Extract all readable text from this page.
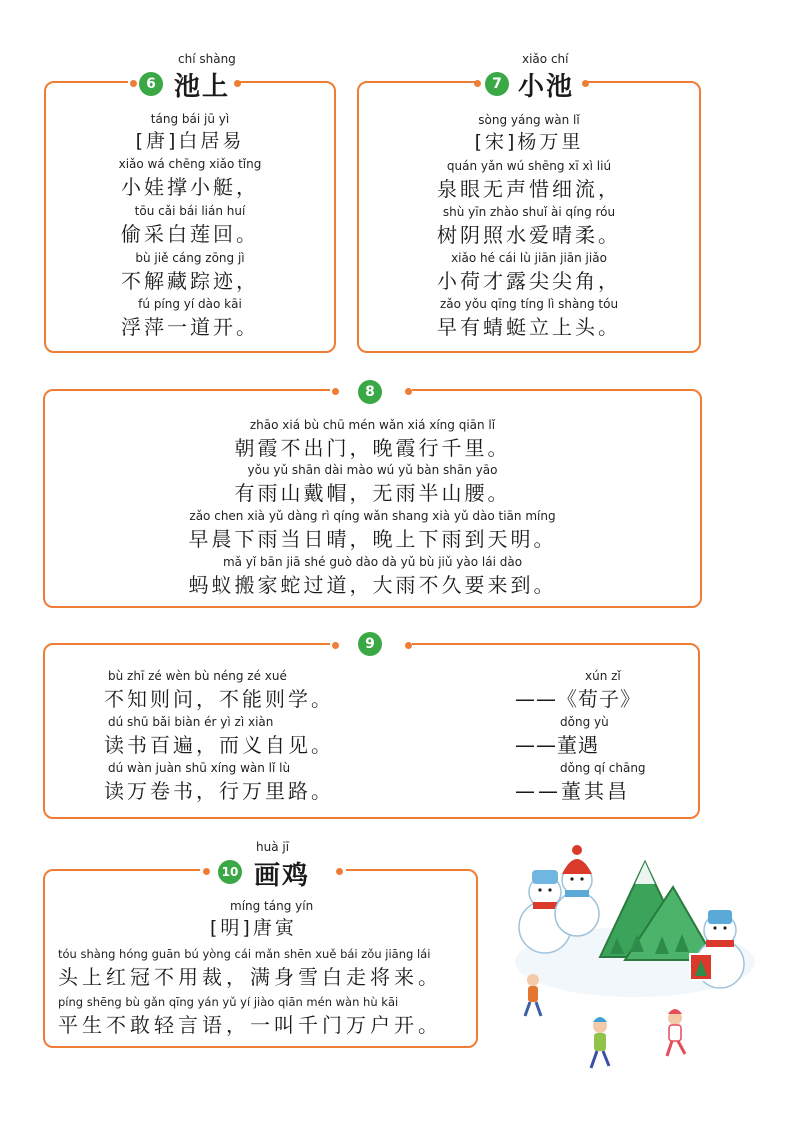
6
chí shàng
池上
táng bái jū yì
[唐]白居易
xiǎo wá chēng xiǎo tǐng
小娃撑小艇，
tōu cǎi bái lián huí
偷采白莲回。
bù jiě cáng zōng jì
不解藏踪迹，
fú píng yí dào kāi
浮萍一道开。
7
xiǎo chí
小池
sòng yáng wàn lǐ
[宋]杨万里
quán yǎn wú shēng xī xì liú
泉眼无声惜细流，
shù yīn zhào shuǐ ài qíng róu
树阴照水爱晴柔。
xiǎo hé cái lù jiān jiān jiǎo
小荷才露尖尖角，
zǎo yǒu qīng tíng lì shàng tóu
早有蜻蜓立上头。
8
zhāo xiá bù chū mén wǎn xiá xíng qiān lǐ
朝霞不出门，晚霞行千里。
yǒu yǔ shān dài mào wú yǔ bàn shān yāo
有雨山戴帽，无雨半山腰。
zǎo chen xià yǔ dàng rì qíng wǎn shang xià yǔ dào tiān míng
早晨下雨当日晴，晚上下雨到天明。
mǎ yǐ bān jiā shé guò dào dà yǔ bù jiǔ yào lái dào
蚂蚁搬家蛇过道，大雨不久要来到。
9
bù zhī zé wèn bù néng zé xué
不知则问，不能则学。
xún zǐ
——《荀子》
dú shū bǎi biàn ér yì zì xiàn
读书百遍，而义自见。
dǒng yù
——董遇
dú wàn juàn shū xíng wàn lǐ lù
读万卷书，行万里路。
dǒng qí chāng
——董其昌
10
huà jī
画鸡
míng táng yín
[明]唐寅
tóu shàng hóng guān bú yòng cái mǎn shēn xuě bái zǒu jiāng lái
头上红冠不用裁，满身雪白走将来。
píng shēng bù gǎn qīng yán yǔ yí jiào qiān mén wàn hù kāi
平生不敢轻言语，一叫千门万户开。
